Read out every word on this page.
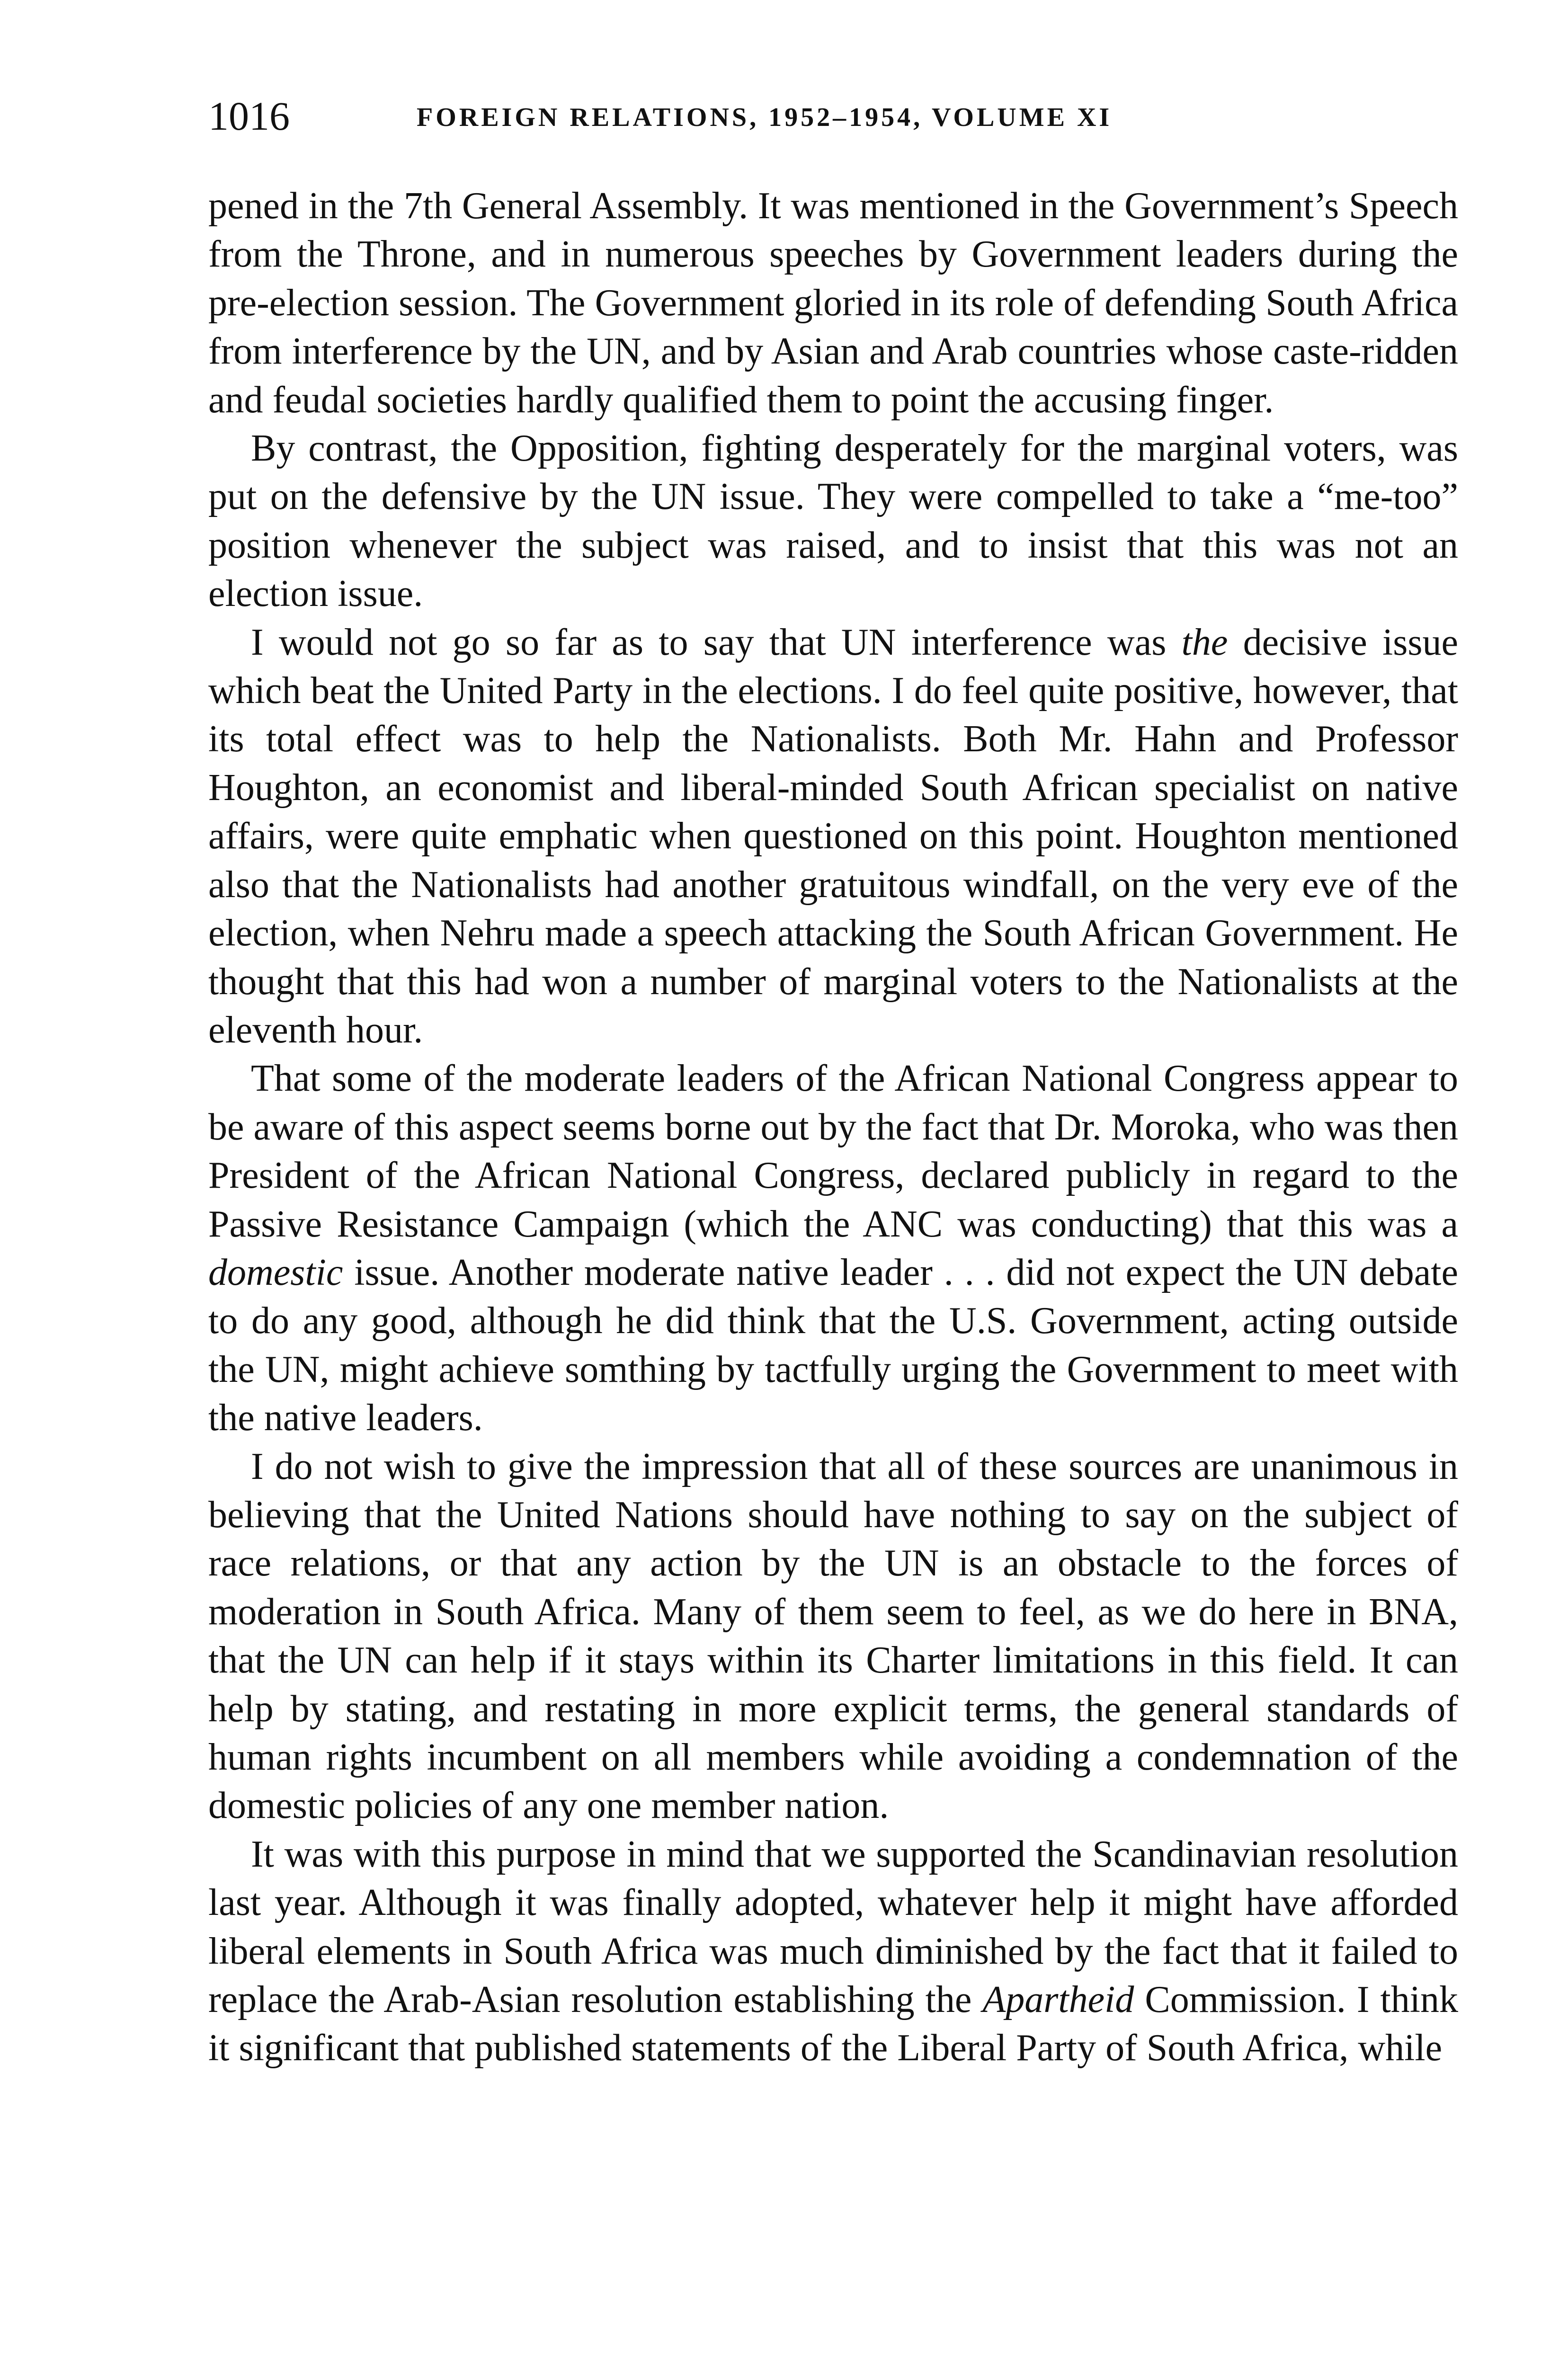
1016	FOREIGN RELATIONS, 1952–1954, VOLUME XI

pened in the 7th General Assembly. It was mentioned in the Government’s Speech from the Throne, and in numerous speeches by Government leaders during the pre-election session. The Government gloried in its role of defending South Africa from interference by the UN, and by Asian and Arab countries whose caste-ridden and feudal societies hardly qualified them to point the accusing finger.

By contrast, the Opposition, fighting desperately for the marginal voters, was put on the defensive by the UN issue. They were compelled to take a “me-too” position whenever the subject was raised, and to insist that this was not an election issue.

I would not go so far as to say that UN interference was the decisive issue which beat the United Party in the elections. I do feel quite positive, however, that its total effect was to help the Nationalists. Both Mr. Hahn and Professor Houghton, an economist and liberal-minded South African specialist on native affairs, were quite emphatic when questioned on this point. Houghton mentioned also that the Nationalists had another gratuitous windfall, on the very eve of the election, when Nehru made a speech attacking the South African Government. He thought that this had won a number of marginal voters to the Nationalists at the eleventh hour.

That some of the moderate leaders of the African National Congress appear to be aware of this aspect seems borne out by the fact that Dr. Moroka, who was then President of the African National Congress, declared publicly in regard to the Passive Resistance Campaign (which the ANC was conducting) that this was a domestic issue. Another moderate native leader . . . did not expect the UN debate to do any good, although he did think that the U.S. Government, acting outside the UN, might achieve somthing by tactfully urging the Government to meet with the native leaders.

I do not wish to give the impression that all of these sources are unanimous in believing that the United Nations should have nothing to say on the subject of race relations, or that any action by the UN is an obstacle to the forces of moderation in South Africa. Many of them seem to feel, as we do here in BNA, that the UN can help if it stays within its Charter limitations in this field. It can help by stating, and restating in more explicit terms, the general standards of human rights incumbent on all members while avoiding a condemnation of the domestic policies of any one member nation.

It was with this purpose in mind that we supported the Scandinavian resolution last year. Although it was finally adopted, whatever help it might have afforded liberal elements in South Africa was much diminished by the fact that it failed to replace the Arab-Asian resolution establishing the Apartheid Commission. I think it significant that published statements of the Liberal Party of South Africa, while
